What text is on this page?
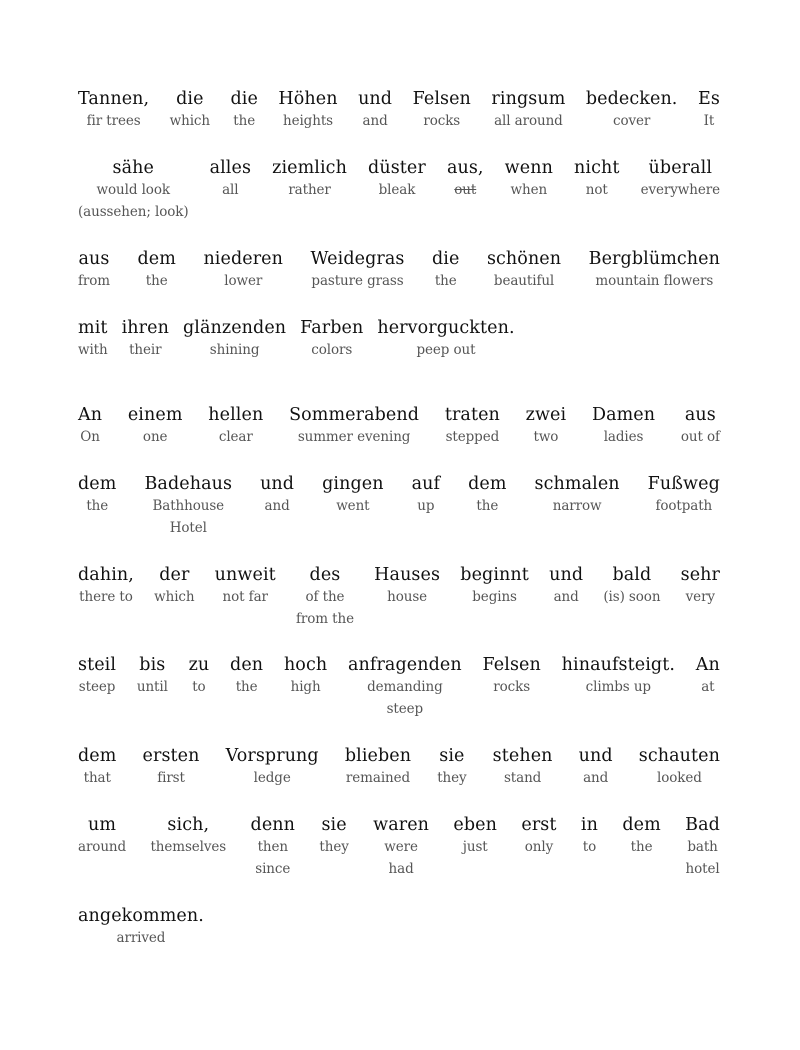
Tannen,
fir trees
die
which
die
the
Höhen
heights
und
and
Felsen
rocks
ringsum
all around
bedecken.
cover
Es
It
sähe
would look
(aussehen; look)
alles
all
ziemlich
rather
düster
bleak
aus,
out
wenn
when
nicht
not
überall
everywhere
aus
from
dem
the
niederen
lower
Weidegras
pasture grass
die
the
schönen
beautiful
Bergblümchen
mountain flowers
mit
with
ihren
their
glänzenden
shining
Farben
colors
hervorguckten.
peep out
An
On
einem
one
hellen
clear
Sommerabend
summer evening
traten
stepped
zwei
two
Damen
ladies
aus
out of
dem
the
Badehaus
Bathhouse
Hotel
und
and
gingen
went
auf
up
dem
the
schmalen
narrow
Fußweg
footpath
dahin,
there to
der
which
unweit
not far
des
of the
from the
Hauses
house
beginnt
begins
und
and
bald
(is) soon
sehr
very
steil
steep
bis
until
zu
to
den
the
hoch
high
anfragenden
demanding
steep
Felsen
rocks
hinaufsteigt.
climbs up
An
at
dem
that
ersten
first
Vorsprung
ledge
blieben
remained
sie
they
stehen
stand
und
and
schauten
looked
um
around
sich,
themselves
denn
then
since
sie
they
waren
were
had
eben
just
erst
only
in
to
dem
the
Bad
bath
hotel
angekommen.
arrived
